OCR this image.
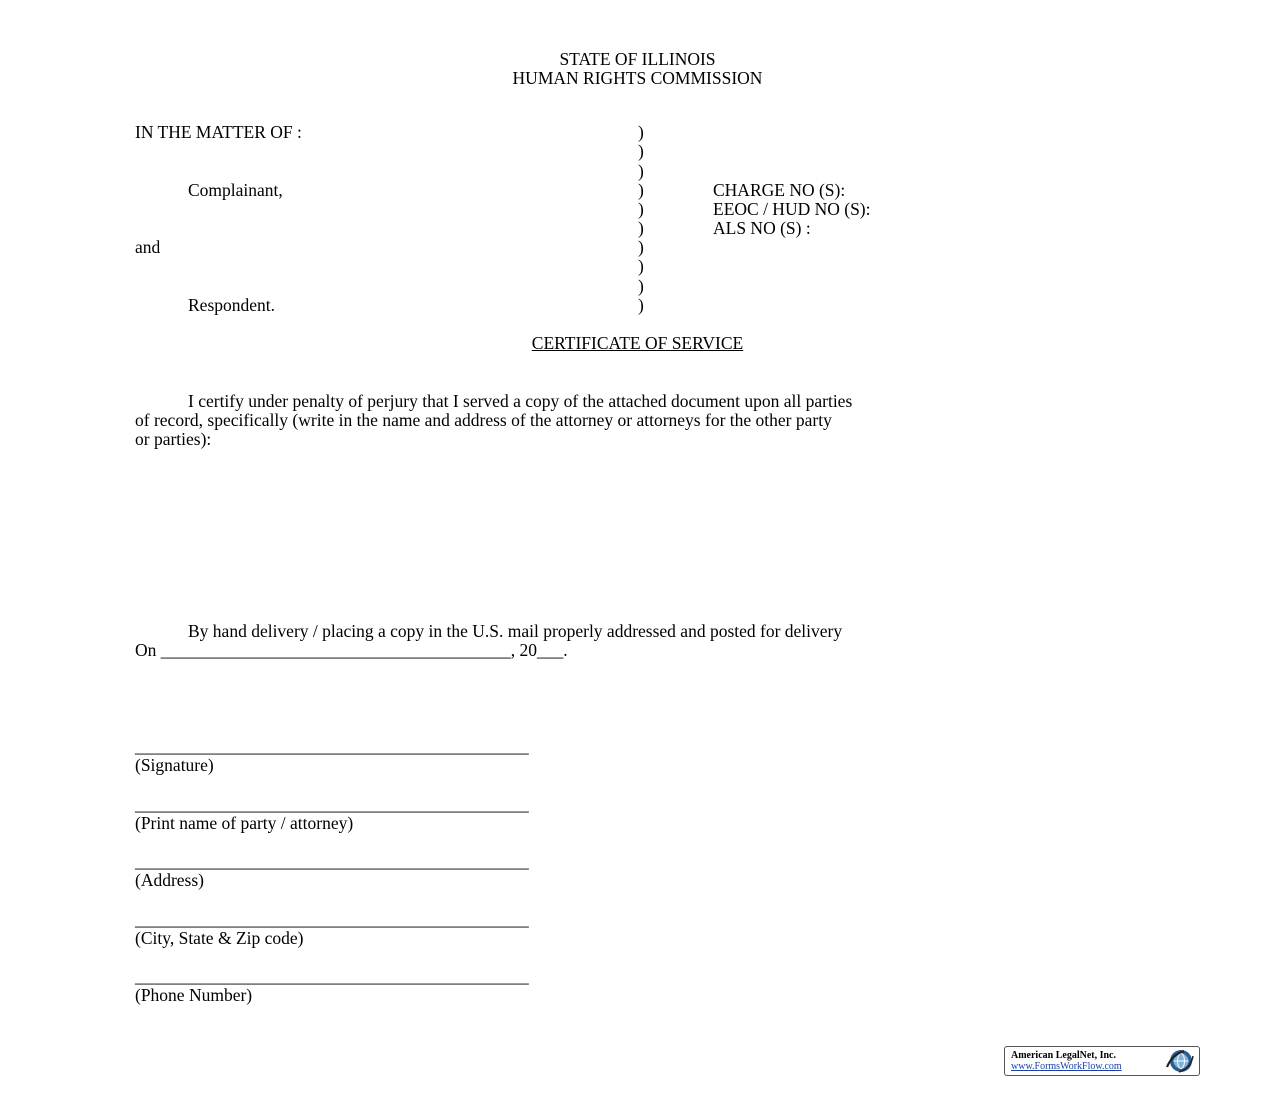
STATE OF ILLINOIS
HUMAN RIGHTS COMMISSION
IN THE MATTER OF :
Complainant,
and
Respondent.
)
)
)
)
)
)
)
)
)
)
CHARGE NO (S):
EEOC / HUD NO (S):
ALS NO (S) :
CERTIFICATE OF SERVICE
I certify under penalty of perjury that I served a copy of the attached document upon all parties
of record, specifically (write in the name and address of the attorney or attorneys for the other party
or parties):
By hand delivery / placing a copy in the U.S. mail properly addressed and posted for delivery
On ________________________________________, 20___.
_____________________________________________
(Signature)
_____________________________________________
(Print name of party / attorney)
_____________________________________________
(Address)
_____________________________________________
(City, State & Zip code)
_____________________________________________
(Phone Number)
American LegalNet, Inc.
www.FormsWorkFlow.com
